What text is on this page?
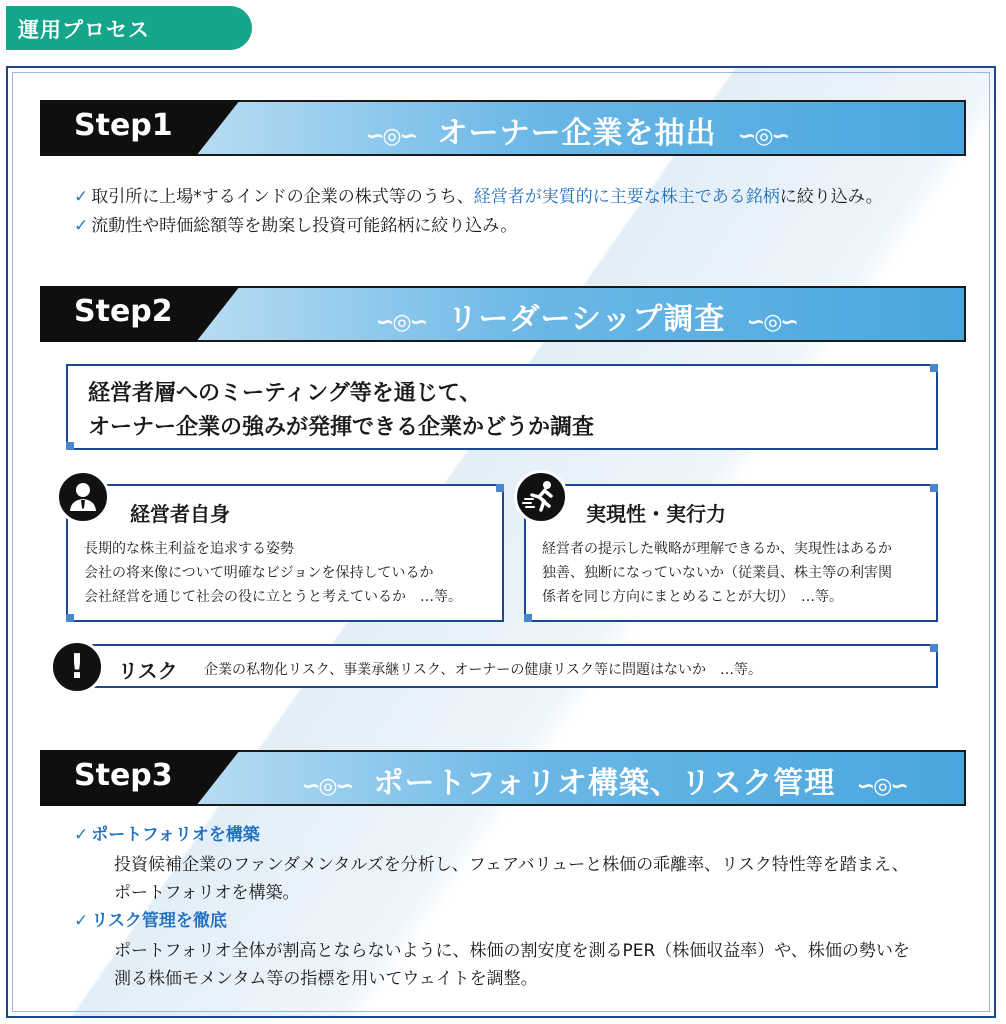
運用プロセス
Step1	∽◎∽ オーナー企業を抽出 ∽◎∽
✓ 取引所に上場*するインドの企業の株式等のうち、経営者が実質的に主要な株主である銘柄に絞り込み。
✓ 流動性や時価総額等を勘案し投資可能銘柄に絞り込み。
Step2	∽◎∽ リーダーシップ調査 ∽◎∽
経営者層へのミーティング等を通じて、
オーナー企業の強みが発揮できる企業かどうか調査
経営者自身
長期的な株主利益を追求する姿勢
会社の将来像について明確なビジョンを保持しているか
会社経営を通じて社会の役に立とうと考えているか　…等。
実現性・実行力
経営者の提示した戦略が理解できるか、実現性はあるか
独善、独断になっていないか（従業員、株主等の利害関
係者を同じ方向にまとめることが大切）　…等。
リスク 企業の私物化リスク、事業承継リスク、オーナーの健康リスク等に問題はないか　…等。
!
Step3	∽◎∽ ポートフォリオ構築、リスク管理 ∽◎∽
✓ ポートフォリオを構築
投資候補企業のファンダメンタルズを分析し、フェアバリューと株価の乖離率、リスク特性等を踏まえ、
ポートフォリオを構築。
✓ リスク管理を徹底
ポートフォリオ全体が割高とならないように、株価の割安度を測るPER（株価収益率）や、株価の勢いを
測る株価モメンタム等の指標を用いてウェイトを調整。
